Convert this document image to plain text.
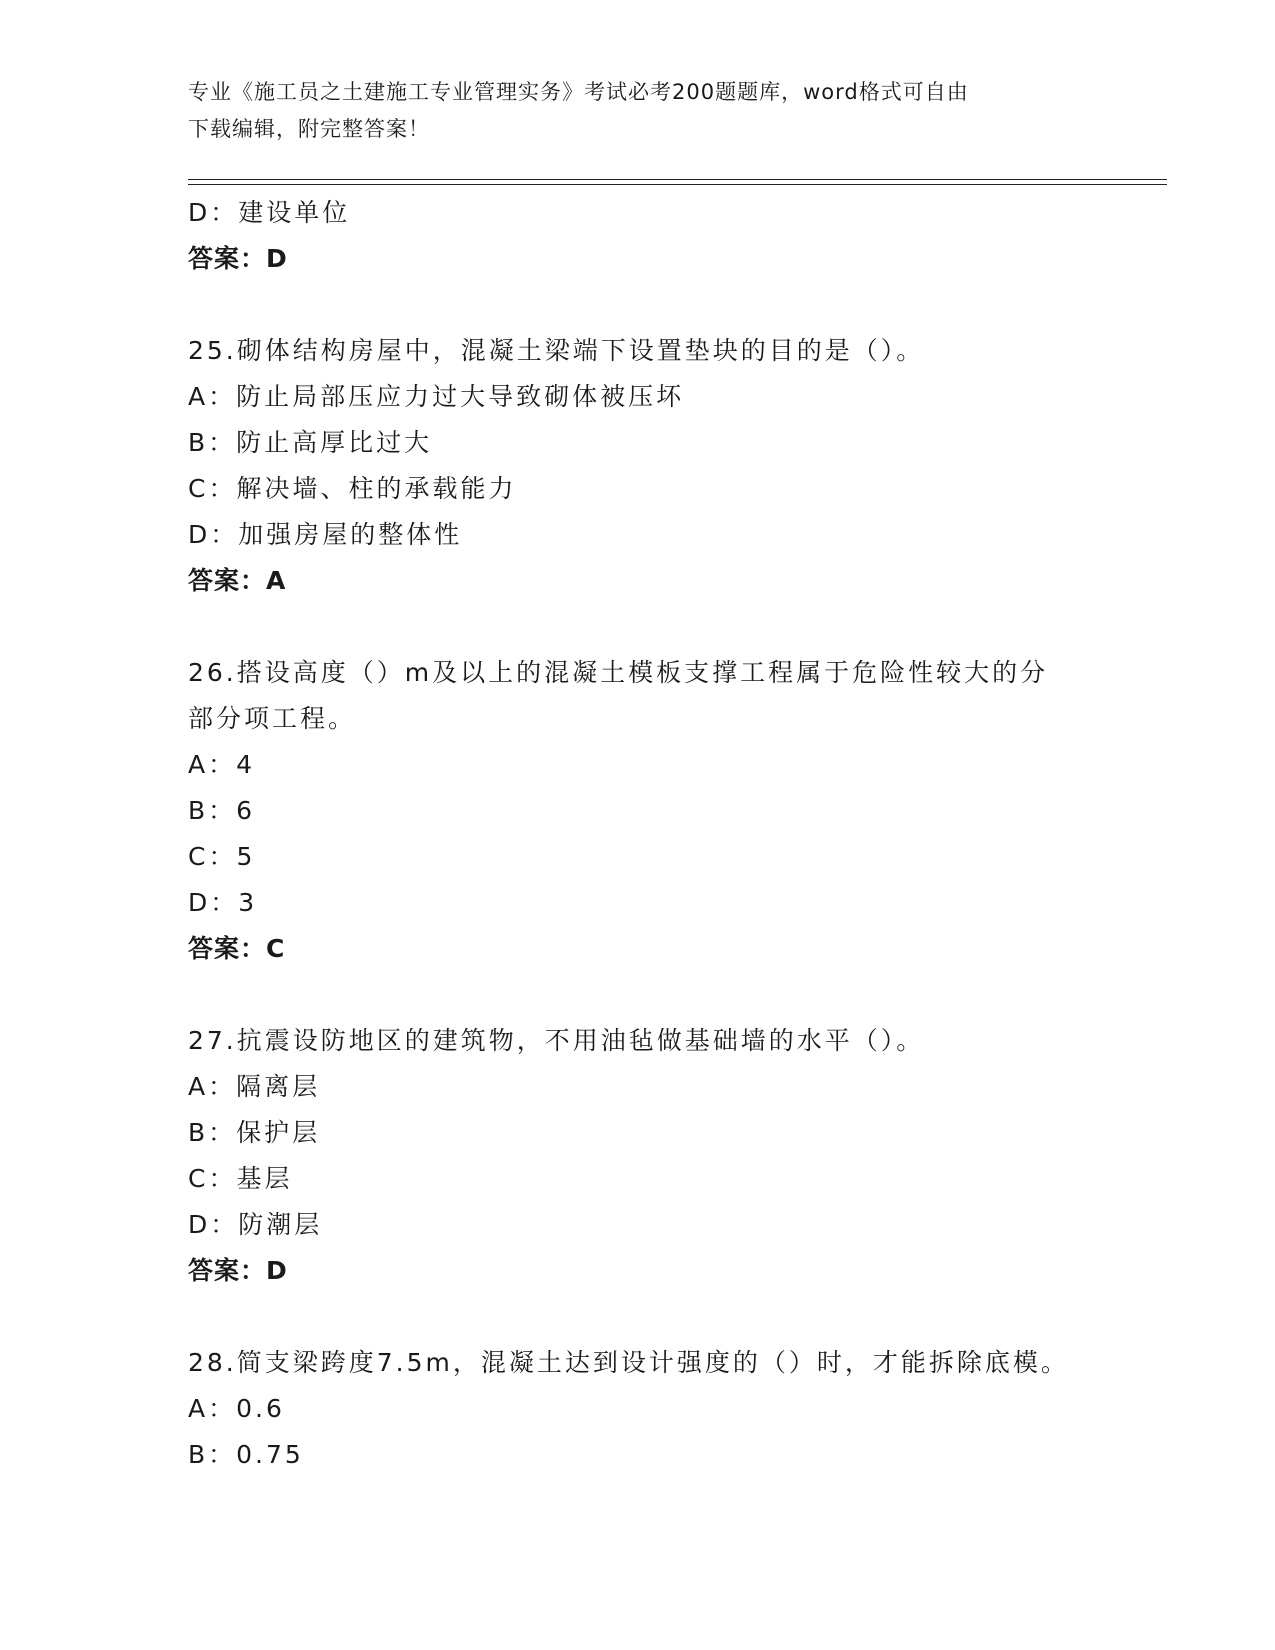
专业《施工员之土建施工专业管理实务》考试必考200题题库，word格式可自由
下载编辑，附完整答案！
D：建设单位
答案：D
25.砌体结构房屋中，混凝土梁端下设置垫块的目的是（）。
A：防止局部压应力过大导致砌体被压坏
B：防止高厚比过大
C：解决墙、柱的承载能力
D：加强房屋的整体性
答案：A
26.搭设高度（）m及以上的混凝土模板支撑工程属于危险性较大的分
部分项工程。
A：4
B：6
C：5
D：3
答案：C
27.抗震设防地区的建筑物，不用油毡做基础墙的水平（）。
A：隔离层
B：保护层
C：基层
D：防潮层
答案：D
28.简支梁跨度7.5m，混凝土达到设计强度的（）时，才能拆除底模。
A：0.6
B：0.75
